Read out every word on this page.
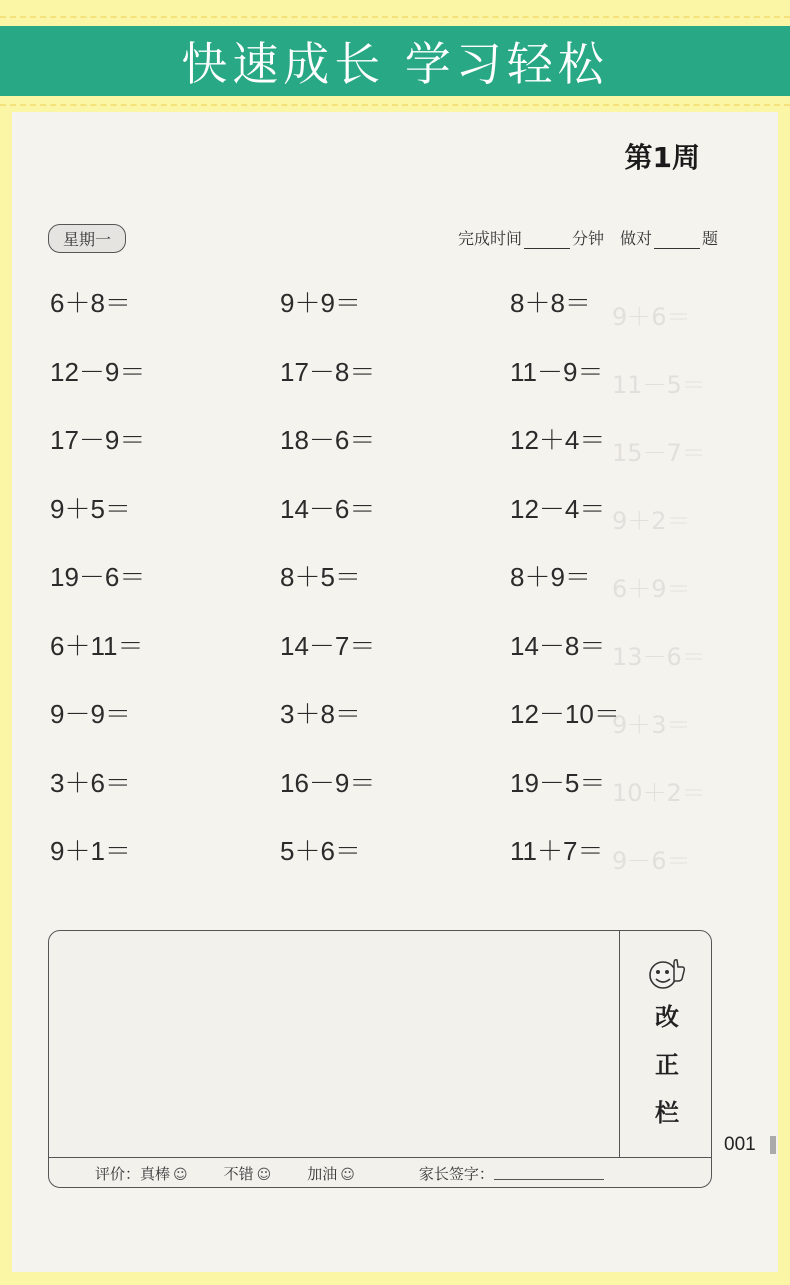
快速成长 学习轻松
9＋6＝
11－5＝
15－7＝
9＋2＝
6＋9＝
13－6＝
9＋3＝
10＋2＝
9－6＝
第1周
星期一	完成时间	分钟 做对	题
6＋8＝	9＋9＝	8＋8＝
12－9＝	17－8＝	11－9＝
17－9＝	18－6＝	12＋4＝
9＋5＝	14－6＝	12－4＝
19－6＝	8＋5＝	8＋9＝
6＋11＝	14－7＝	14－8＝
9－9＝	3＋8＝	12－10＝
3＋6＝	16－9＝	19－5＝
9＋1＝	5＋6＝	11＋7＝
改
正
栏
评价： 真棒 ☺ 不错 ☺ 加油 ☺	家长签字：
001
